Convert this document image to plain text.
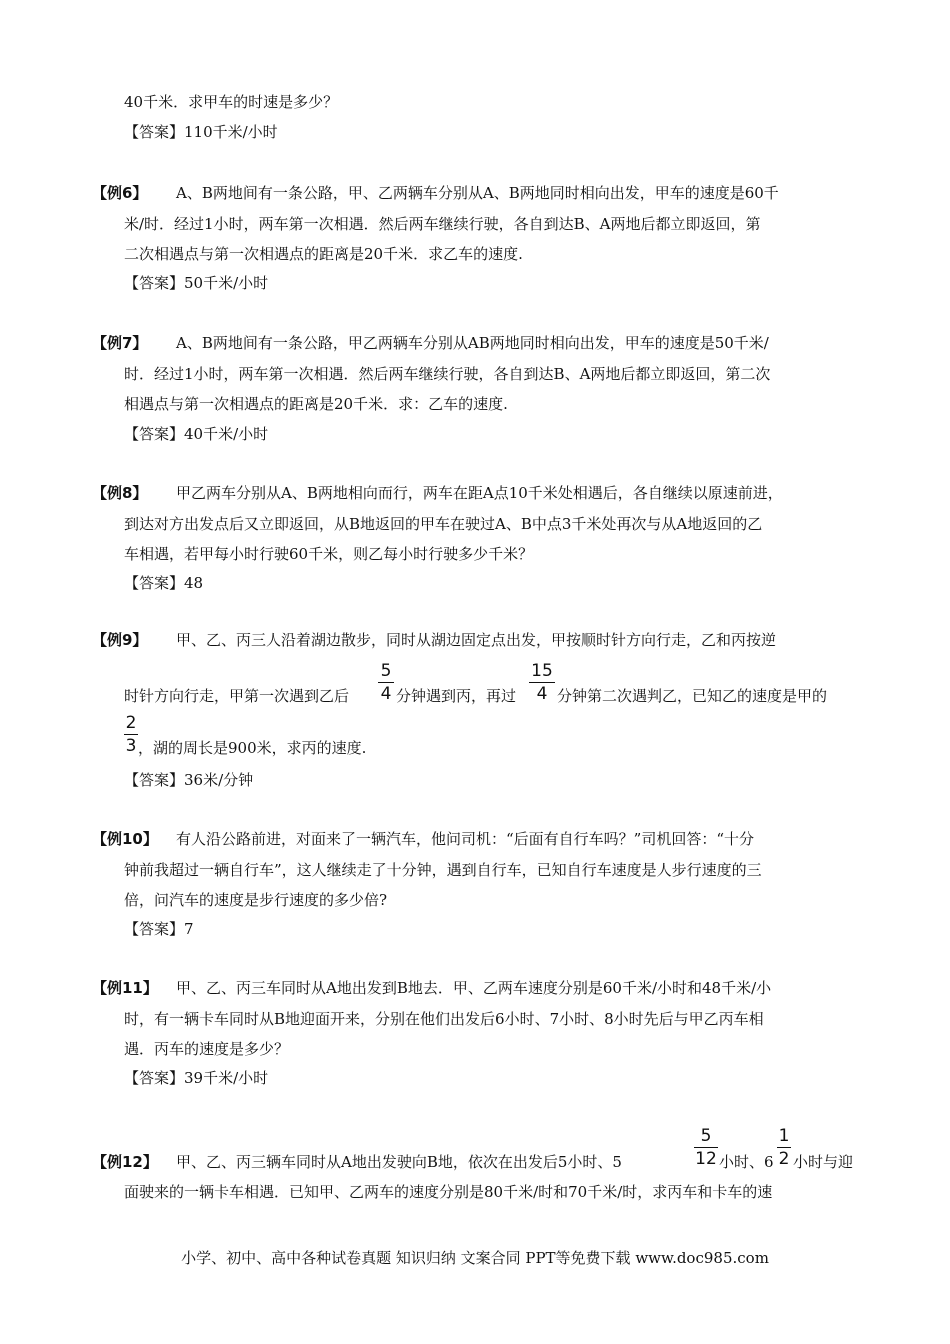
40千米．求甲车的时速是多少？
【答案】110千米/小时
【例6】 A、B两地间有一条公路，甲、乙两辆车分别从A、B两地同时相向出发，甲车的速度是60千
米/时．经过1小时，两车第一次相遇．然后两车继续行驶，各自到达B、A两地后都立即返回，第
二次相遇点与第一次相遇点的距离是20千米．求乙车的速度.
【答案】50千米/小时
【例7】 A、B两地间有一条公路，甲乙两辆车分别从AB两地同时相向出发，甲车的速度是50千米/
时．经过1小时，两车第一次相遇．然后两车继续行驶，各自到达B、A两地后都立即返回，第二次
相遇点与第一次相遇点的距离是20千米．求：乙车的速度.
【答案】40千米/小时
【例8】 甲乙两车分别从A、B两地相向而行，两车在距A点10千米处相遇后，各自继续以原速前进，
到达对方出发点后又立即返回，从B地返回的甲车在驶过A、B中点3千米处再次与从A地返回的乙
车相遇，若甲每小时行驶60千米，则乙每小时行驶多少千米？
【答案】48
【例9】 甲、乙、丙三人沿着湖边散步，同时从湖边固定点出发，甲按顺时针方向行走，乙和丙按逆
时针方向行走，甲第一次遇到乙后
5
4 分钟遇到丙，再过
15
4 分钟第二次遇判乙，已知乙的速度是甲的
2
3 ，湖的周长是900米，求丙的速度.
【答案】36米/分钟
【例10】 有人沿公路前进，对面来了一辆汽车，他问司机：“后面有自行车吗？”司机回答：“十分
钟前我超过一辆自行车”，这人继续走了十分钟，遇到自行车，已知自行车速度是人步行速度的三
倍，问汽车的速度是步行速度的多少倍?
【答案】7
【例11】 甲、乙、丙三车同时从A地出发到B地去．甲、乙两车速度分别是60千米/小时和48千米/小
时，有一辆卡车同时从B地迎面开来，分别在他们出发后6小时、7小时、8小时先后与甲乙丙车相
遇．丙车的速度是多少？
【答案】39千米/小时
【例12】 甲、乙、丙三辆车同时从A地出发驶向B地，依次在出发后5小时、5
5
12 小时、6
1
2 小时与迎
面驶来的一辆卡车相遇．已知甲、乙两车的速度分别是80千米/时和70千米/时，求丙车和卡车的速
小学、初中、高中各种试卷真题 知识归纳 文案合同 PPT等免费下载 www.doc985.com
